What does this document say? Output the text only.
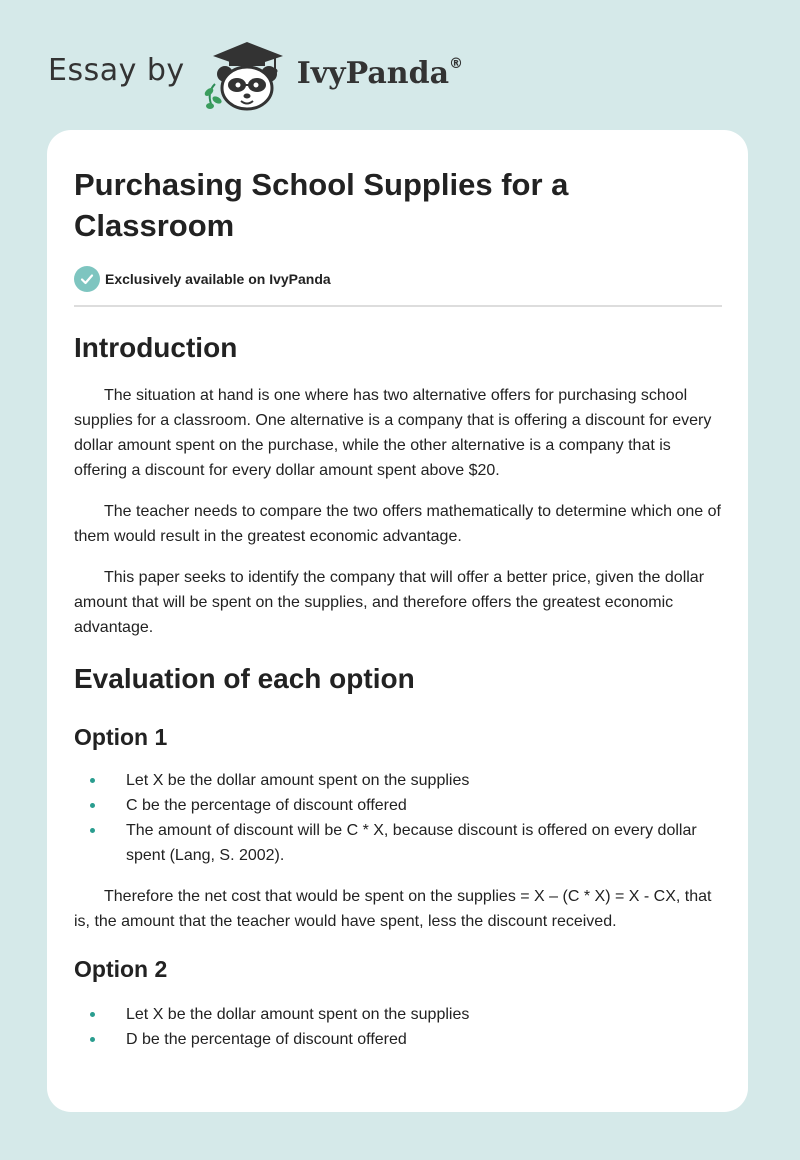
Essay by	IvyPanda®
Purchasing School Supplies for a Classroom
Exclusively available on IvyPanda
Introduction

The situation at hand is one where has two alternative offers for purchasing school supplies for a classroom. One alternative is a company that is offering a discount for every dollar amount spent on the purchase, while the other alternative is a company that is offering a discount for every dollar amount spent above $20.

The teacher needs to compare the two offers mathematically to determine which one of them would result in the greatest economic advantage.

This paper seeks to identify the company that will offer a better price, given the dollar amount that will be spent on the supplies, and therefore offers the greatest economic advantage.

Evaluation of each option
Option 1
Let X be the dollar amount spent on the supplies
C be the percentage of discount offered
The amount of discount will be C * X, because discount is offered on every dollar spent (Lang, S. 2002).

Therefore the net cost that would be spent on the supplies = X – (C * X) = X - CX, that is, the amount that the teacher would have spent, less the discount received.

Option 2
Let X be the dollar amount spent on the supplies
D be the percentage of discount offered
